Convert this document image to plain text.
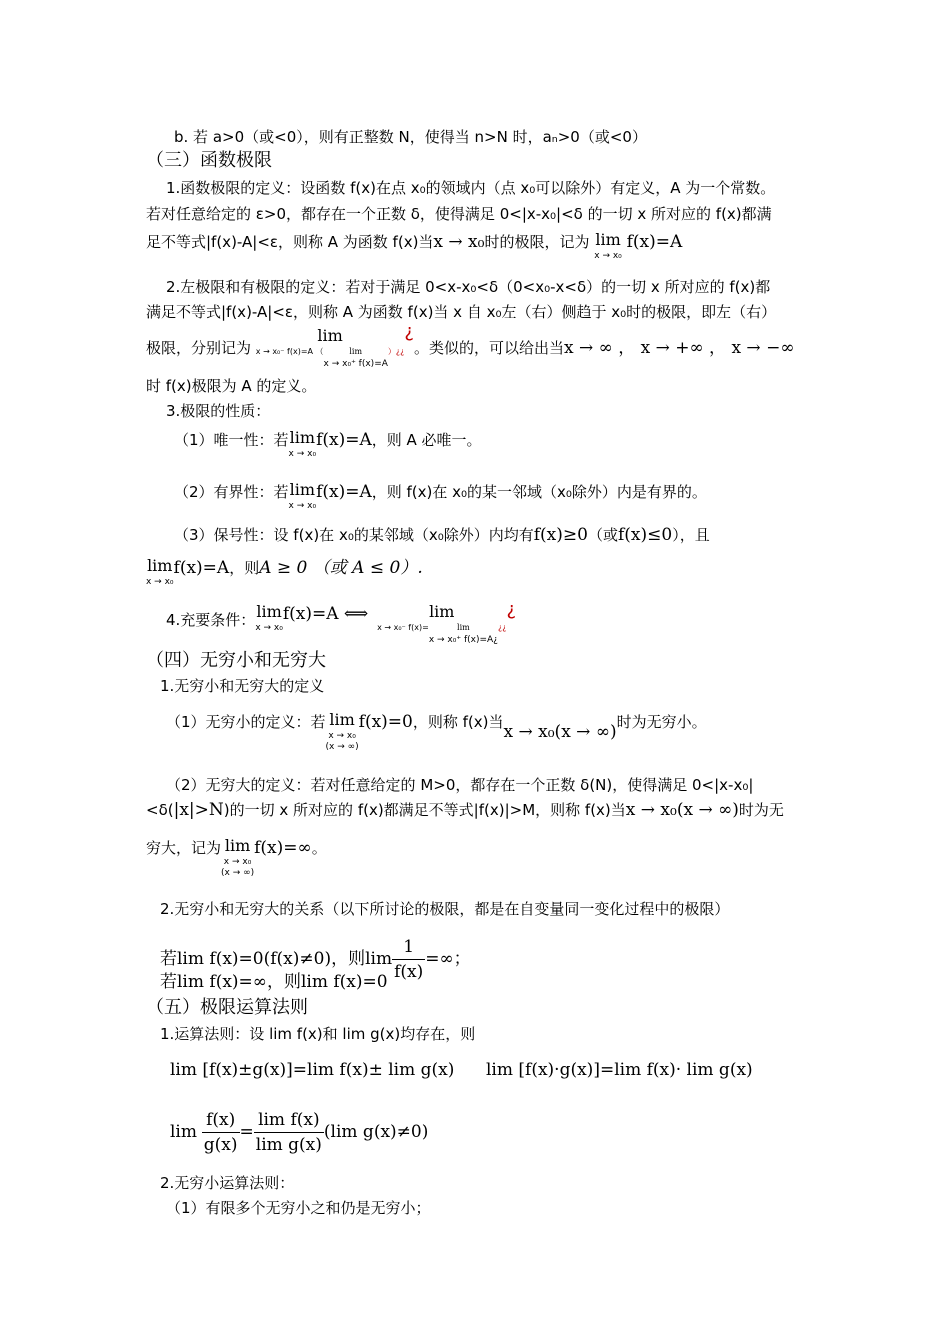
b. 若 a>0（或<0），则有正整数 N，使得当 n>N 时，aₙ>0（或<0）
（三）函数极限
1.函数极限的定义：设函数 f(x)在点 x₀的领域内（点 x₀可以除外）有定义，A 为一个常数。
若对任意给定的 ε>0，都存在一个正数 δ，使得满足 0<|x-x₀|<δ 的一切 x 所对应的 f(x)都满
足不等式|f(x)-A|<ε，则称 A 为函数 f(x)当x → x₀时的极限，记为 lim
x → x₀
f(x)=A
2.左极限和有极限的定义：若对于满足 0<x-x₀<δ（0<x₀-x<δ）的一切 x 所对应的 f(x)都
满足不等式|f(x)-A|<ε，则称 A 为函数 f(x)当 x 自 x₀左（右）侧趋于 x₀时的极限，即左（右）
极限，分别记为
lim
x → x₀⁻ f(x)=A （	lim
x → x₀⁺ f(x)=A
）¿¿
¿。类似的，可以给出当x → ∞ ， x → +∞ ， x → −∞
时 f(x)极限为 A 的定义。
3.极限的性质：
（1）唯一性：若 lim
x → x₀
f(x)=A，则 A 必唯一。
（2）有界性：若 lim
x → x₀
f(x)=A，则 f(x)在 x₀的某一邻域（x₀除外）内是有界的。
（3）保号性：设 f(x)在 x₀的某邻域（x₀除外）内均有f(x)≥0（或f(x)≤0），且
lim
x → x₀
f(x)=A，则A ≥ 0 （或 A ≤ 0）.
4.充要条件： lim
x → x₀
f(x)=A ⟺	lim
x → x₀⁻ f(x)=	lim
x → x₀⁺ f(x)=A¿
¿¿
¿
（四）无穷小和无穷大
1.无穷小和无穷大的定义
（1）无穷小的定义：若 lim
x → x₀
(x → ∞)
f(x)=0，则称 f(x)当x → x₀(x → ∞)时为无穷小。
（2）无穷大的定义：若对任意给定的 M>0，都存在一个正数 δ(N)，使得满足 0<|x-x₀|
<δ(|x|>N)的一切 x 所对应的 f(x)都满足不等式|f(x)|>M，则称 f(x)当x → x₀(x → ∞)时为无
穷大，记为 lim
x → x₀
(x → ∞)
f(x)=∞。
2.无穷小和无穷大的关系（以下所讨论的极限，都是在自变量同一变化过程中的极限）
若lim f(x)=0(f(x)≠0)，则$\lim \frac{1}{f(x)}$ =∞；
若lim f(x)=∞，则lim f(x)=0
（五）极限运算法则
1.运算法则：设 lim f(x)和 lim g(x)均存在，则
lim [f(x)±g(x)]=lim f(x)± lim g(x) lim [f(x)·g(x)]=lim f(x)· lim g(x)
$\lim \frac{f(x)}{g(x)} = \frac{\text{lim f(x)}}{\text{lim g(x)}} (\lim$ g(x)≠0)
2.无穷小运算法则：
（1）有限多个无穷小之和仍是无穷小；
